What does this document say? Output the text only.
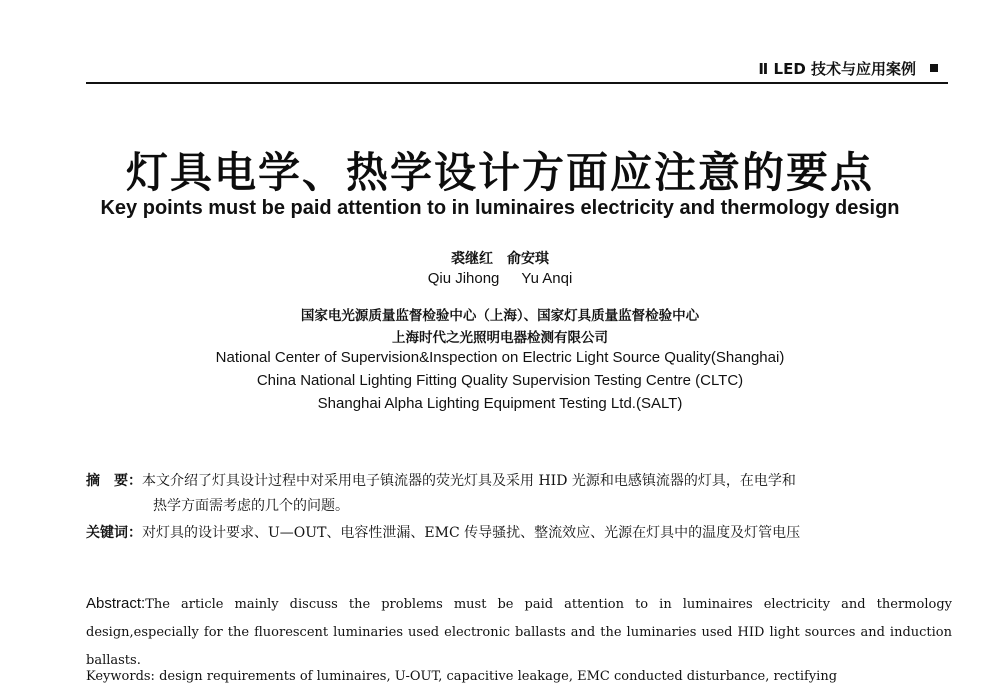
Ⅱ LED 技术与应用案例
灯具电学、热学设计方面应注意的要点
Key points must be paid attention to in luminaires electricity and thermology design
裘继红 俞安琪
Qiu Jihong Yu Anqi
国家电光源质量监督检验中心（上海）、国家灯具质量监督检验中心
上海时代之光照明电器检测有限公司
National Center of Supervision&Inspection on Electric Light Source Quality(Shanghai)
China National Lighting Fitting Quality Supervision Testing Centre (CLTC)
Shanghai Alpha Lighting Equipment Testing Ltd.(SALT)
摘　要：本文介绍了灯具设计过程中对采用电子镇流器的荧光灯具及采用 HID 光源和电感镇流器的灯具，在电学和
热学方面需考虑的几个的问题。
关键词：对灯具的设计要求、U—OUT、电容性泄漏、EMC 传导骚扰、整流效应、光源在灯具中的温度及灯管电压
Abstract:The article mainly discuss the problems must be paid attention to in luminaires electricity and thermology design,especially for the fluorescent luminaries used electronic ballasts and the luminaries used HID light sources and induction ballasts.
Keywords: design requirements of luminaires, U-OUT, capacitive leakage, EMC conducted disturbance, rectifying
